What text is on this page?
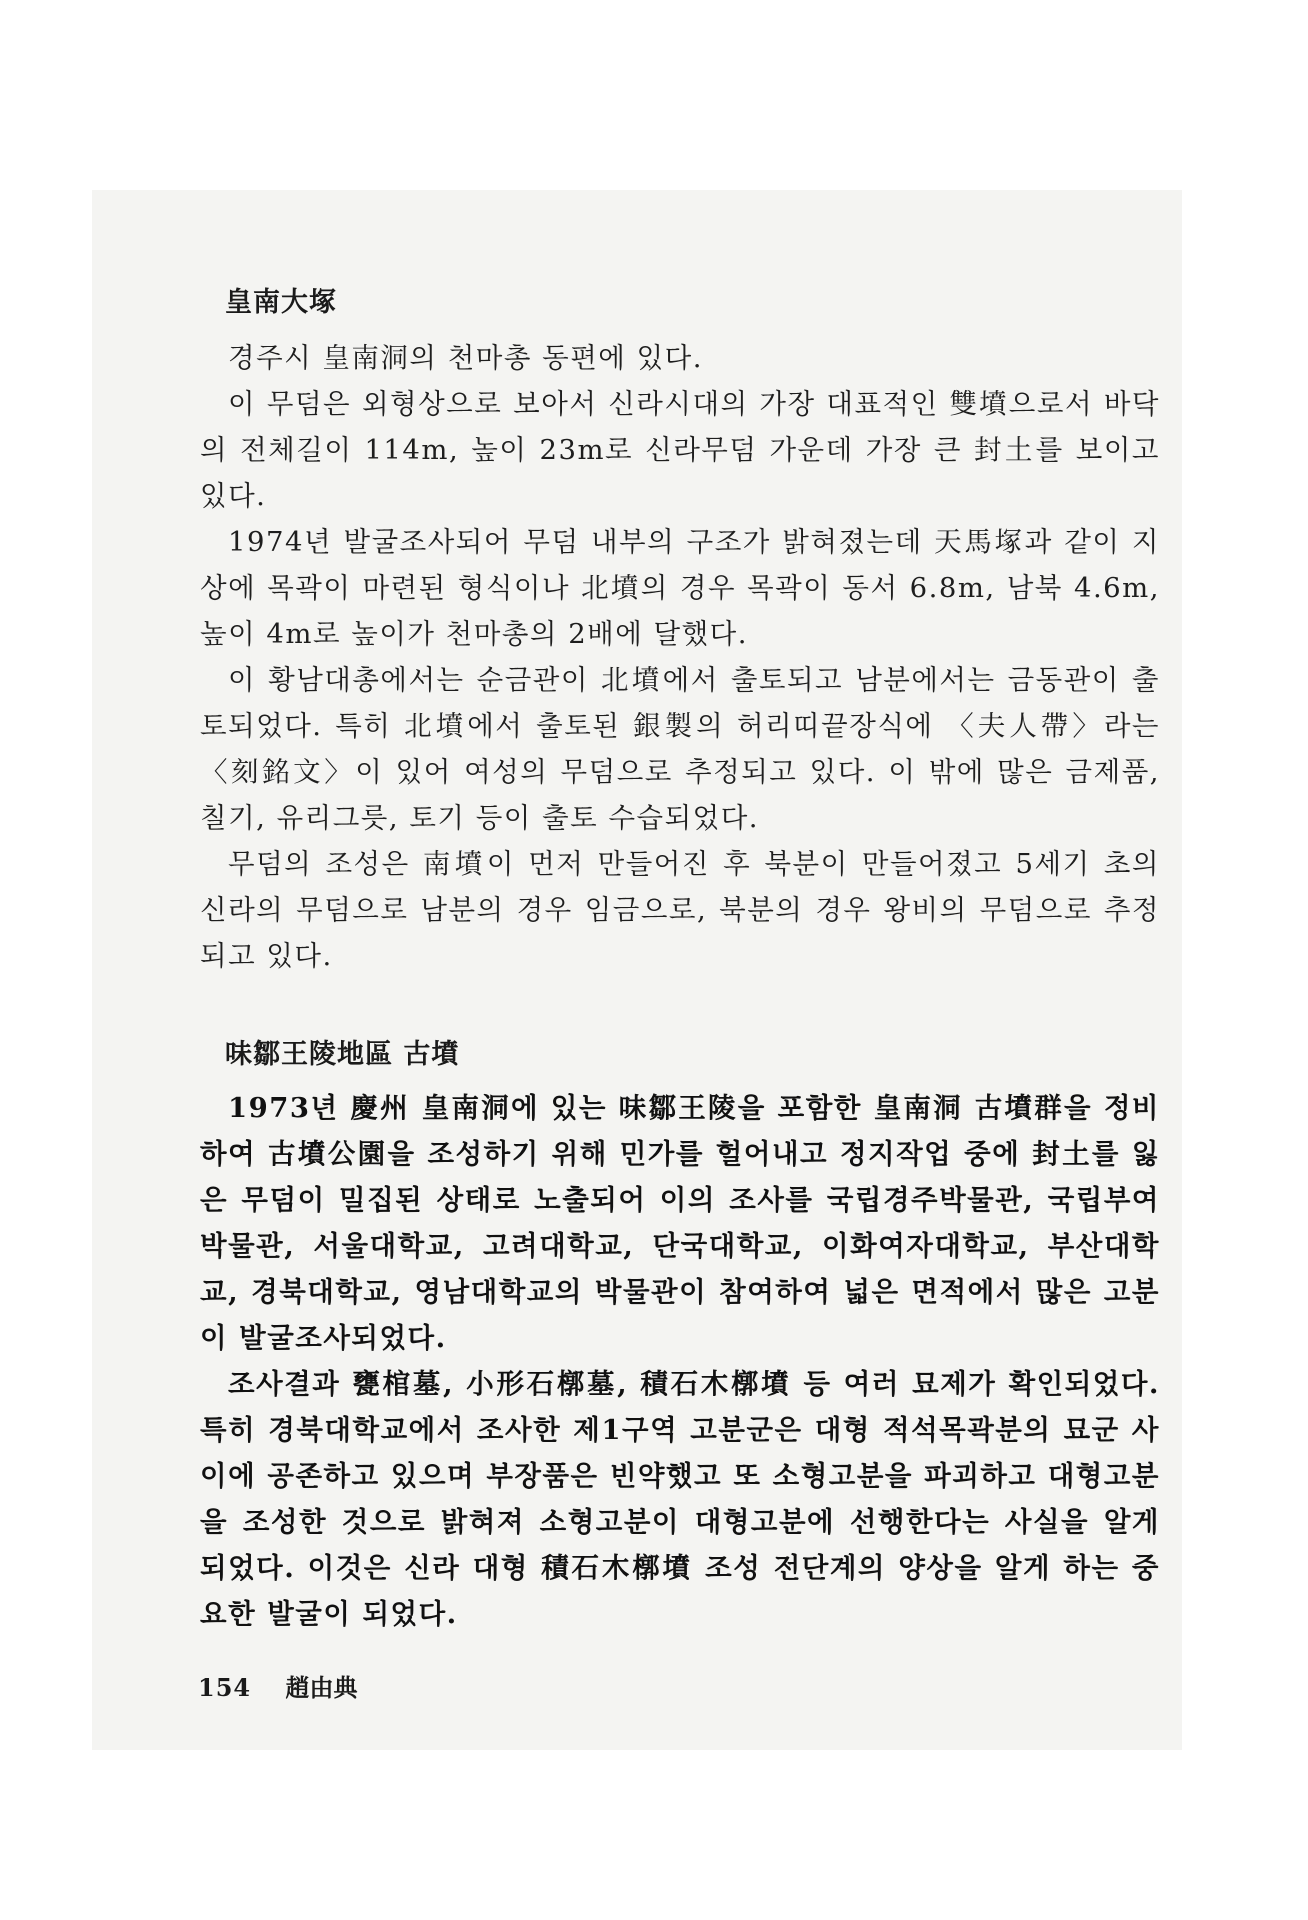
皇南大塚

경주시 皇南洞의 천마총 동편에 있다.

이 무덤은 외형상으로 보아서 신라시대의 가장 대표적인 雙墳으로서 바닥의 전체길이 114m, 높이 23m로 신라무덤 가운데 가장 큰 封土를 보이고 있다.

1974년 발굴조사되어 무덤 내부의 구조가 밝혀졌는데 天馬塚과 같이 지상에 목곽이 마련된 형식이나 北墳의 경우 목곽이 동서 6.8m, 남북 4.6m, 높이 4m로 높이가 천마총의 2배에 달했다.

이 황남대총에서는 순금관이 北墳에서 출토되고 남분에서는 금동관이 출토되었다. 특히 北墳에서 출토된 銀製의 허리띠끝장식에 〈夫人帶〉라는 〈刻銘文〉이 있어 여성의 무덤으로 추정되고 있다. 이 밖에 많은 금제품, 칠기, 유리그릇, 토기 등이 출토 수습되었다.

무덤의 조성은 南墳이 먼저 만들어진 후 북분이 만들어졌고 5세기 초의 신라의 무덤으로 남분의 경우 임금으로, 북분의 경우 왕비의 무덤으로 추정되고 있다.

味鄒王陵地區 古墳

1973년 慶州 皇南洞에 있는 味鄒王陵을 포함한 皇南洞 古墳群을 정비하여 古墳公園을 조성하기 위해 민가를 헐어내고 정지작업 중에 封土를 잃은 무덤이 밀집된 상태로 노출되어 이의 조사를 국립경주박물관, 국립부여박물관, 서울대학교, 고려대학교, 단국대학교, 이화여자대학교, 부산대학교, 경북대학교, 영남대학교의 박물관이 참여하여 넓은 면적에서 많은 고분이 발굴조사되었다.

조사결과 甕棺墓, 小形石槨墓, 積石木槨墳 등 여러 묘제가 확인되었다. 특히 경북대학교에서 조사한 제1구역 고분군은 대형 적석목곽분의 묘군 사이에 공존하고 있으며 부장품은 빈약했고 또 소형고분을 파괴하고 대형고분을 조성한 것으로 밝혀져 소형고분이 대형고분에 선행한다는 사실을 알게 되었다. 이것은 신라 대형 積石木槨墳 조성 전단계의 양상을 알게 하는 중요한 발굴이 되었다.

154 趙由典
